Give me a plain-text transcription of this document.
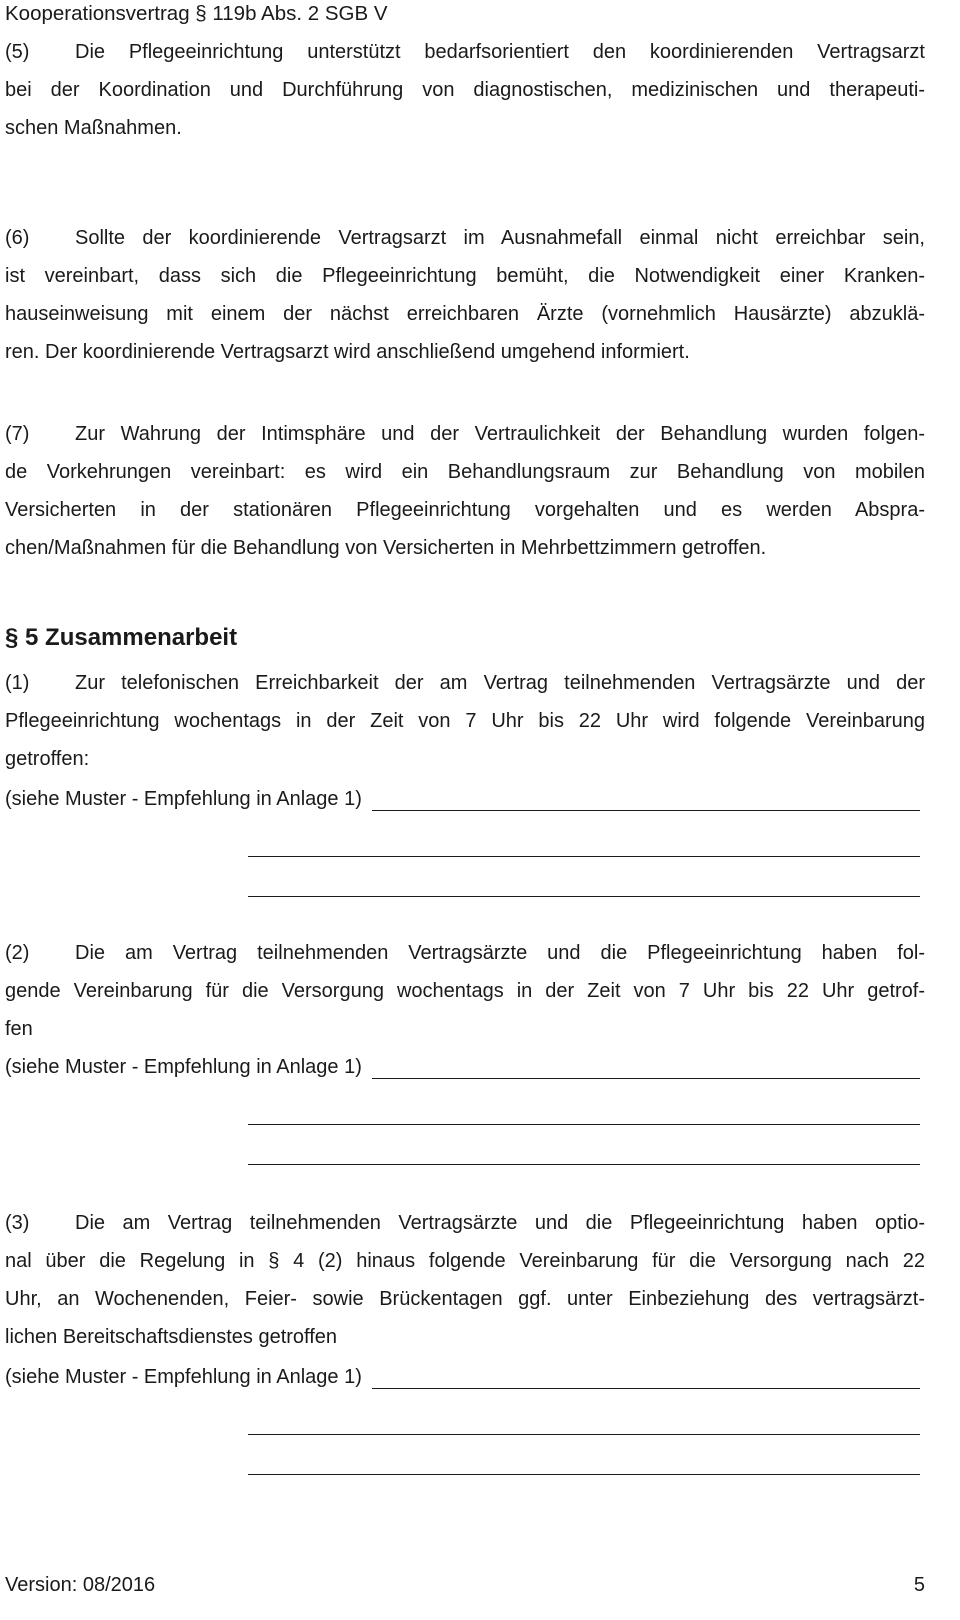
Kooperationsvertrag § 119b Abs. 2 SGB V
(5)	Die Pflegeeinrichtung unterstützt bedarfsorientiert den koordinierenden Vertragsarzt
bei der Koordination und Durchführung von diagnostischen, medizinischen und therapeuti-
schen Maßnahmen.
(6)	Sollte der koordinierende Vertragsarzt im Ausnahmefall einmal nicht erreichbar sein,
ist vereinbart, dass sich die Pflegeeinrichtung bemüht, die Notwendigkeit einer Kranken-
hauseinweisung mit einem der nächst erreichbaren Ärzte (vornehmlich Hausärzte) abzuklä-
ren. Der koordinierende Vertragsarzt wird anschließend umgehend informiert.
(7)	Zur Wahrung der Intimsphäre und der Vertraulichkeit der Behandlung wurden folgen-
de Vorkehrungen vereinbart: es wird ein Behandlungsraum zur Behandlung von mobilen
Versicherten in der stationären Pflegeeinrichtung vorgehalten und es werden Abspra-
chen/Maßnahmen für die Behandlung von Versicherten in Mehrbettzimmern getroffen.
§ 5 Zusammenarbeit
(1)	Zur telefonischen Erreichbarkeit der am Vertrag teilnehmenden Vertragsärzte und der
Pflegeeinrichtung wochentags in der Zeit von 7 Uhr bis 22 Uhr wird folgende Vereinbarung
getroffen:
(siehe Muster - Empfehlung in Anlage 1)
(2)	Die am Vertrag teilnehmenden Vertragsärzte und die Pflegeeinrichtung haben fol-
gende Vereinbarung für die Versorgung wochentags in der Zeit von 7 Uhr bis 22 Uhr getrof-
fen
(siehe Muster - Empfehlung in Anlage 1)
(3)	Die am Vertrag teilnehmenden Vertragsärzte und die Pflegeeinrichtung haben optio-
nal über die Regelung in § 4 (2) hinaus folgende Vereinbarung für die Versorgung nach 22
Uhr, an Wochenenden, Feier- sowie Brückentagen ggf. unter Einbeziehung des vertragsärzt-
lichen Bereitschaftsdienstes getroffen
(siehe Muster - Empfehlung in Anlage 1)
Version: 08/2016	5
